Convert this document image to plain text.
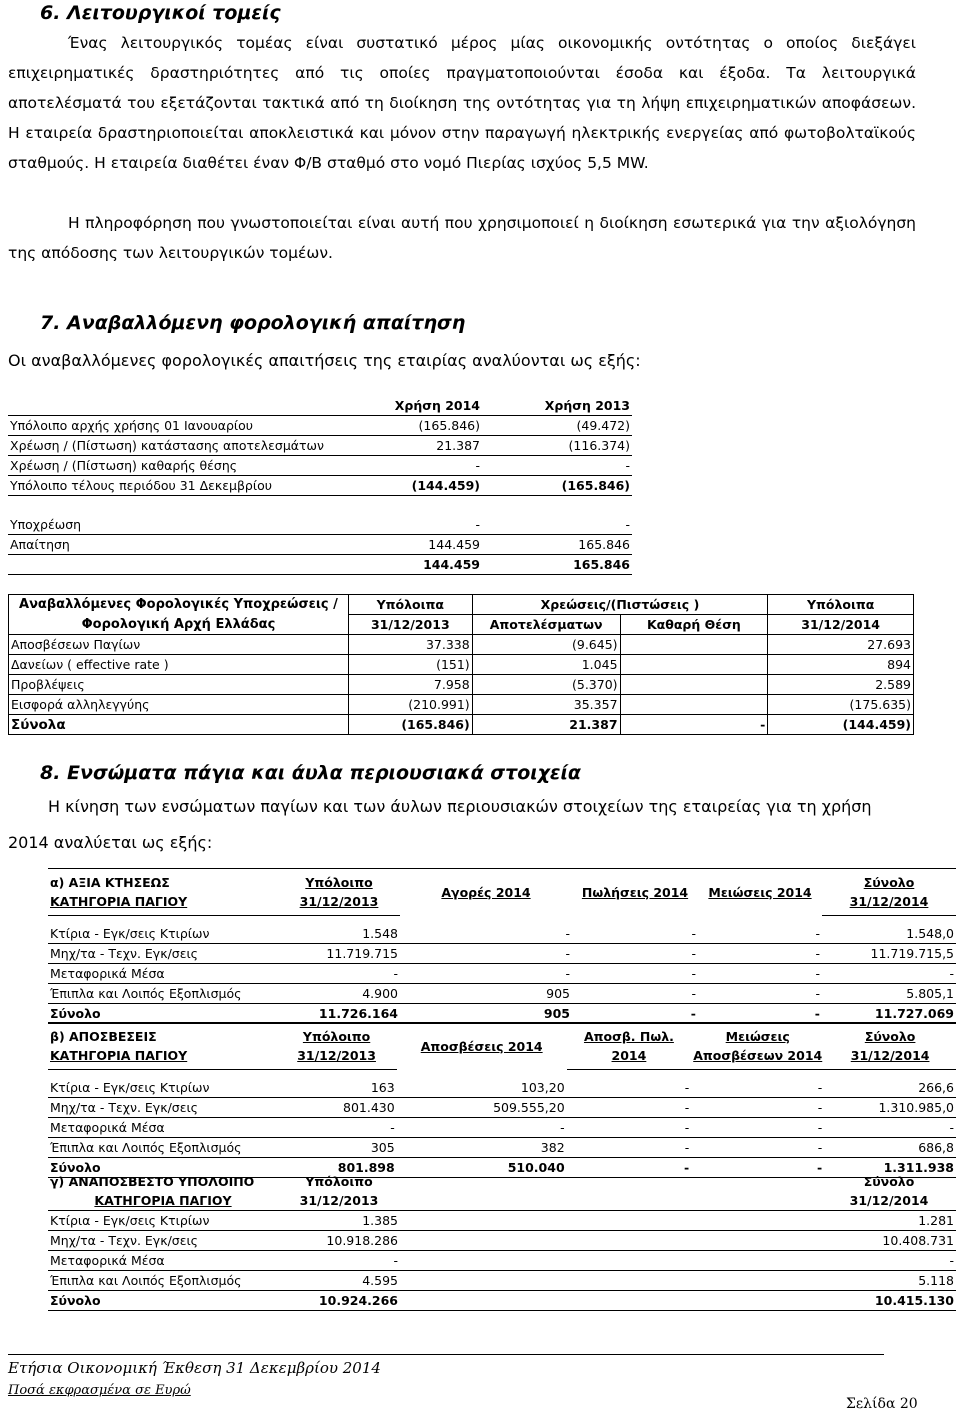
6. Λειτουργικοί τομείς
Ένας λειτουργικός τομέας είναι συστατικό μέρος μίας οικονομικής οντότητας ο οποίος διεξάγει επιχειρηματικές δραστηριότητες από τις οποίες πραγματοποιούνται έσοδα και έξοδα. Τα λειτουργικά αποτελέσματά του εξετάζονται τακτικά από τη διοίκηση της οντότητας για τη λήψη επιχειρηματικών αποφάσεων. Η εταιρεία δραστηριοποιείται αποκλειστικά και μόνον στην παραγωγή ηλεκτρικής ενεργείας από φωτοβολταϊκούς σταθμούς. Η εταιρεία διαθέτει έναν Φ/Β σταθμό στο νομό Πιερίας ισχύος 5,5 MW.
Η πληροφόρηση που γνωστοποιείται είναι αυτή που χρησιμοποιεί η διοίκηση εσωτερικά για την αξιολόγηση της απόδοσης των λειτουργικών τομέων.
7. Αναβαλλόμενη φορολογική απαίτηση
Οι αναβαλλόμενες φορολογικές απαιτήσεις της εταιρίας αναλύονται ως εξής:
	Χρήση 2014	Χρήση 2013
Υπόλοιπο αρχής χρήσης 01 Ιανουαρίου	(165.846)	(49.472)
Χρέωση / (Πίστωση) κατάστασης αποτελεσμάτων	21.387	(116.374)
Χρέωση / (Πίστωση) καθαρής θέσης	-	-
Υπόλοιπο τέλους περιόδου 31 Δεκεμβρίου	(144.459)	(165.846)

Υποχρέωση	-	-
Απαίτηση	144.459	165.846
	144.459	165.846
Αναβαλλόμενες Φορολογικές Υποχρεώσεις /	Υπόλοιπα	Χρεώσεις/(Πιστώσεις )		Υπόλοιπα
Φορολογική Αρχή Ελλάδας	31/12/2013	Αποτελέσματων	Καθαρή Θέση	31/12/2014
Αποσβέσεων Παγίων	37.338	(9.645)		27.693
Δανείων ( effective rate )	(151)	1.045		894
Προβλέψεις	7.958	(5.370)		2.589
Εισφορά αλληλεγγύης	(210.991)	35.357		(175.635)
Σύνολα	(165.846)	21.387	-	(144.459)
8. Ενσώματα πάγια και άυλα περιουσιακά στοιχεία
Η κίνηση των ενσώματων παγίων και των άυλων περιουσιακών στοιχείων της εταιρείας για τη χρήση
2014 αναλύεται ως εξής:
α) ΑΞΙΑ ΚΤΗΣΕΩΣ	Υπόλοιπο	Αγορές 2014	Πωλήσεις 2014	Μειώσεις 2014	Σύνολο
ΚΑΤΗΓΟΡΙΑ ΠΑΓΙΟΥ	31/12/2013				31/12/2014

Κτίρια - Εγκ/σεις Κτιρίων	1.548	-	-	-	1.548,0
Μηχ/τα - Τεχν. Εγκ/σεις	11.719.715	-	-	-	11.719.715,5
Μεταφορικά Μέσα	-	-	-	-	-
Έπιπλα και Λοιπός Εξοπλισμός	4.900	905	-	-	5.805,1
Σύνολο	11.726.164	905	-	-	11.727.069
β) ΑΠΟΣΒΕΣΕΙΣ	Υπόλοιπο	Αποσβέσεις 2014	Αποσβ. Πωλ.	Μειώσεις	Σύνολο
ΚΑΤΗΓΟΡΙΑ ΠΑΓΙΟΥ	31/12/2013		2014	Αποσβέσεων 2014	31/12/2014

Κτίρια - Εγκ/σεις Κτιρίων	163	103,20	-	-	266,6
Μηχ/τα - Τεχν. Εγκ/σεις	801.430	509.555,20	-	-	1.310.985,0
Μεταφορικά Μέσα	-	-	-	-	-
Έπιπλα και Λοιπός Εξοπλισμός	305	382	-	-	686,8
Σύνολο	801.898	510.040	-	-	1.311.938
γ) ΑΝΑΠΟΣΒΕΣΤΟ ΥΠΟΛΟΙΠΟ	Υπόλοιπο		Σύνολο
ΚΑΤΗΓΟΡΙΑ ΠΑΓΙΟΥ	31/12/2013		31/12/2014
Κτίρια - Εγκ/σεις Κτιρίων	1.385		1.281
Μηχ/τα - Τεχν. Εγκ/σεις	10.918.286		10.408.731
Μεταφορικά Μέσα	-		-
Έπιπλα και Λοιπός Εξοπλισμός	4.595		5.118
Σύνολο	10.924.266		10.415.130
Ετήσια Οικονομική Έκθεση 31 Δεκεμβρίου 2014
Ποσά εκφρασμένα σε Ευρώ
Σελίδα 20
